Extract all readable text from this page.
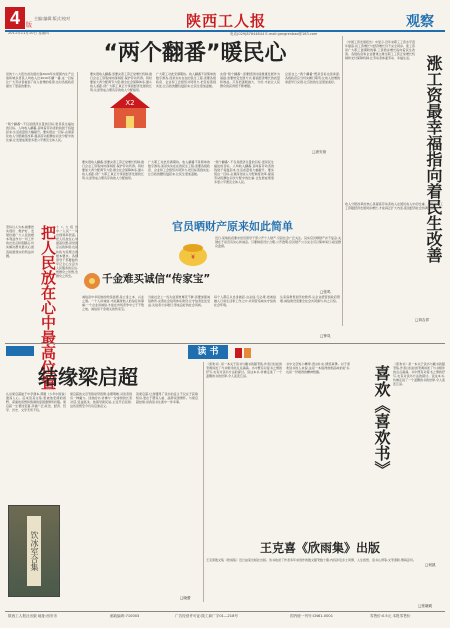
4	版
主编:编辑:版式:校对
2011年11月10日 星期四
陕西工人报	观察
电话(029)87644844 E-mail:gongrenbao@163.com
“两个翻番”暖民心
党的十八大报告首次提出到2020年实现国内生产总值和城乡居民人均收入比2010年翻一番,这一目标让广大劳动者看到了收入倍增的希望,也对各级政府提出了更高的要求。
“两个翻番”,不仅是经济总量的目标,更是民生福祉的目标。人均收入翻番,意味着劳动者的钱袋子将鼓起来,生活质量将大幅提升。要实现这一目标,必须深化收入分配制度改革,提高劳动报酬在初次分配中的比重,让发展成果更多更公平惠及全体人民。
要实现收入翻番,需要完善工资正常增长机制,推行企业工资集体协商制度,保护劳动所得。同时要加大再分配调节力度,健全社会保障体系,缩小收入差距,使广大职工真正分享到经济发展的红利,从而形成合理有序的收入分配格局。
广大职工对此充满期待。收入翻番不是简单的数字游戏,而是实实在在的民生工程,需要各级政府、企业和工会组织共同努力,把目标落到实处,让百姓的腰包鼓起来,让民生更加温暖。
实现“两个翻番”,需要经济持续健康发展作为基础,需要转变发展方式,提高经济增长的质量和效益。只有把蛋糕做大、分好,才能让人民群众的获得感不断增强。
总而言之,“两个翻番”既是目标也是承诺,各级政府应当切实履行职责,让收入倍增的承诺早日兑现,让百姓的生活更加美好。
□唐安琼
X2
把人民放在心中最高位置 十八大报告中,“人民”一词出现频率很高。把人民放在心中最高位置,是党的宗旨的体现,也是执政为民理念的根本要求。各级领导干部要始终牢记全心全意为人民服务的宗旨,想群众之所想,急群众之所急。
坚持以人为本,就要把实现好、维护好、发展好最广大人民的根本利益作为一切工作的出发点和落脚点,切实解决群众最关心最直接最现实的利益问题。
要实现收入翻番,需要完善工资正常增长机制,推行企业工资集体协商制度,保护劳动所得。同时要加大再分配调节力度,健全社会保障体系,缩小收入差距,使广大职工真正分享到经济发展的红利,从而形成合理有序的收入分配格局。
广大职工对此充满期待。收入翻番不是简单的数字游戏,而是实实在在的民生工程,需要各级政府、企业和工会组织共同努力,把目标落到实处,让百姓的腰包鼓起来,让民生更加温暖。
“两个翻番”,不仅是经济总量的目标,更是民生福祉的目标。人均收入翻番,意味着劳动者的钱袋子将鼓起来,生活质量将大幅提升。要实现这一目标,必须深化收入分配制度改革,提高劳动报酬在初次分配中的比重,让发展成果更多更公平惠及全体人民。
官员晒财产原来如此简单
近日,某地政府要求党员领导干部公开个人财产,引起社会广泛关注。其实官员晒财产并不复杂,关键在于是否有决心和诚意。只要制度设计合理,公开透明,官员财产公示完全可以简单易行,接受群众监督。
□张鸣
¥
千金难买诚信“传家宝”
诚信是中华民族的传统美德,是立身之本、兴业之道。一个人讲诚信,才能赢得他人的信任和尊重;一个企业讲诚信,才能在市场竞争中立于不败之地。诚信是千金难买的传家宝。
当前社会上一些失信现象屡见不鲜,需要加强诚信教育,完善社会信用体系建设,让守信者处处受益,失信者寸步难行,形成良好的社会风尚。
每个人都应从自身做起,言必信,行必果,把诚信融入日常生活和工作之中,共同营造诚实守信的社会环境。
从家庭教育到学校教育,从企业经营到政府管理,诚信建设需要全社会共同参与,持之以恒。
□钟岚
涨工资最幸福指向着民生改善
《中国工资发展报告》中显示,近年来职工工资水平逐年提高,但工资增长与经济增长仍不完全同步。涨工资是广大职工最期盼的事,工资稳步增长指向着民生改善。各级政府和企业要建立健全职工工资正常增长机制和支付保障机制,让劳动者体面劳动、幸福生活。
收入分配改革的核心是提高劳动者收入在国民收入中的比重。只有让职工工资随经济发展同步增长,才能真正扩大内需,促进经济社会协调发展。
□刘吉祥
读 书
结缘梁启超
认识梁启超始于中学课本,那篇《少年中国说》激荡人心。后来读其文集,更被他宏阔的视野、深邃的思想和饱满的爱国激情所折服。梁启超一生著述宏富,涉猎广泛,政治、经济、哲学、历史、文学无所不包。
梁启超的文章笔锋常带感情,条理明晰,对读者别有一种魔力。读他的书,仿佛与一位睿智的长者对话,受益匪浅。他倡导新民说,主张开启民智,这些思想至今仍有启迪意义。
读梁启超,让我懂得了读书的意义不仅在于获取知识,更在于塑造人格、涵养家国情怀。与梁启超结缘,是我读书生涯中一件幸事。
饮冰室合集
《喜欢书》是一本关于读书与藏书的随笔集,作者以轻松的笔调讲述了与书相伴的点点滴滴。书中既有对爱书之情的抒写,也有对读书方法的探讨。读这本书,仿佛走进了一个温馨的书的世界,令人流连忘返。
书中文章短小精悍,语言朴实,情感真挚。对于喜欢读书的人来说,这是一本值得细细品味的好书,也是一份难得的精神慰藉。	喜欢《喜欢书》
《喜欢书》是一本关于读书与藏书的随笔集,作者以轻松的笔调讲述了与书相伴的点点滴滴。书中既有对爱书之情的抒写,也有对读书方法的探讨。读这本书,仿佛走进了一个温馨的书的世界,令人流连忘返。
□何凯
王克喜《欣雨集》出版
王克喜散文集《欣雨集》近日由某出版社出版。该书收录了作者多年来创作的散文随笔数十篇,内容涉及乡土风情、人生感悟、读书心得等,文笔清新,情真意切。
□晓蕾
□张晓莉
陕西工人报社出版 地址:西安市	邮政编码:710003	广告经营许可证:陕工商广字01—218号	国内统一刊号:CN61-0001	零售价:0.5元 本报零售价
